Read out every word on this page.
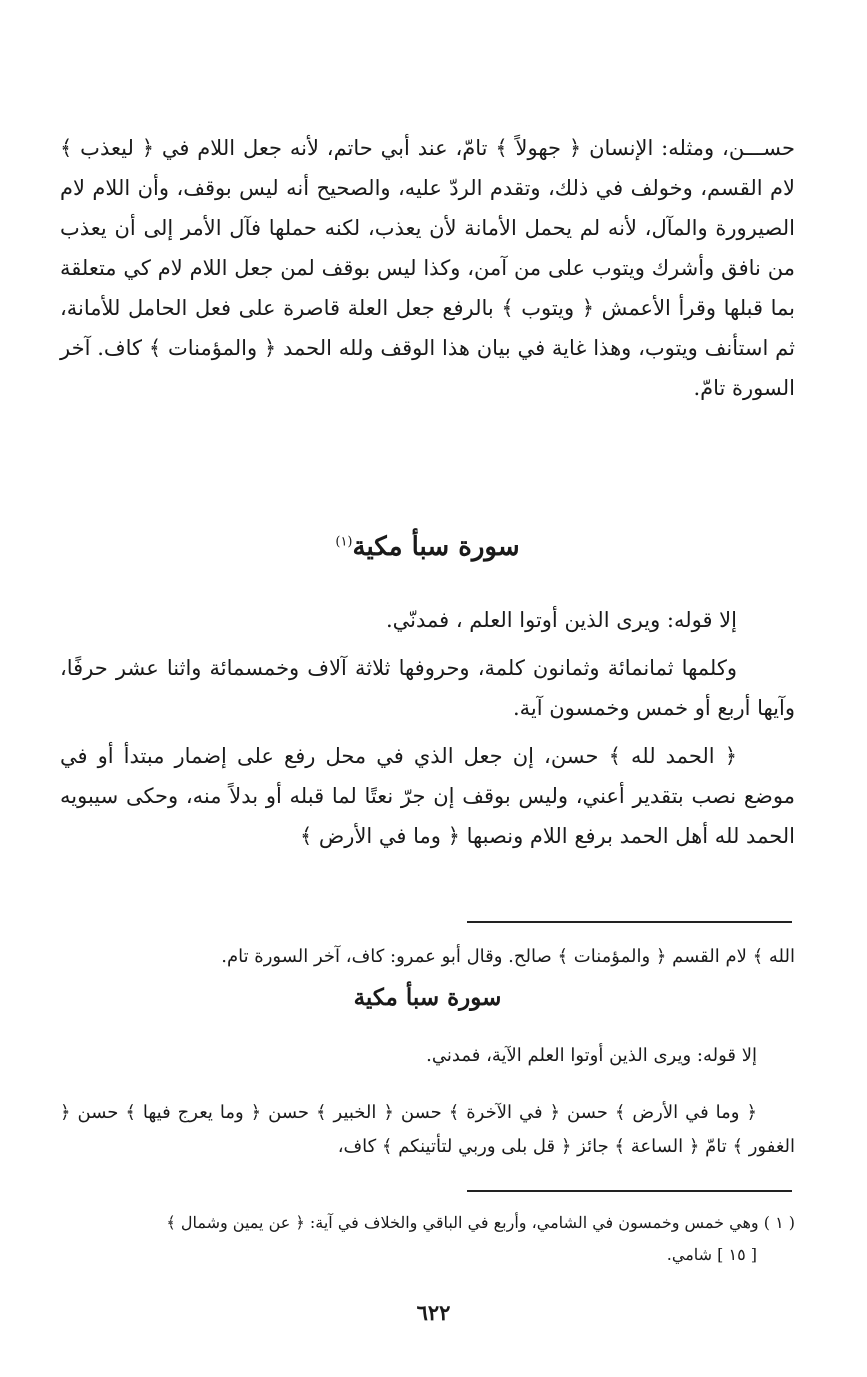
حســـن، ومثله: الإنسان ﴿ جهولاً ﴾ تامّ، عند أبي حاتم، لأنه جعل اللام في ﴿ ليعذب ﴾ لام القسم، وخولف في ذلك، وتقدم الردّ عليه، والصحيح أنه ليس بوقف، وأن اللام لام الصيرورة والمآل، لأنه لم يحمل الأمانة لأن يعذب، لكنه حملها فآل الأمر إلى أن يعذب من نافق وأشرك ويتوب على من آمن، وكذا ليس بوقف لمن جعل اللام لام كي متعلقة بما قبلها وقرأ الأعمش ﴿ ويتوب ﴾ بالرفع جعل العلة قاصرة على فعل الحامل للأمانة، ثم استأنف ويتوب، وهذا غاية في بيان هذا الوقف ولله الحمد ﴿ والمؤمنات ﴾ كاف. آخر السورة تامّ.

سورة سبأ مكية$^{(١)}$

إلا قوله: ويرى الذين أوتوا العلم ، فمدنّي.

وكلمها ثمانمائة وثمانون كلمة، وحروفها ثلاثة آلاف وخمسمائة واثنا عشر حرفًا، وآيها أربع أو خمس وخمسون آية.

﴿ الحمد لله ﴾ حسن، إن جعل الذي في محل رفع على إضمار مبتدأ أو في موضع نصب بتقدير أعني، وليس بوقف إن جرّ نعتًا لما قبله أو بدلاً منه، وحكى سيبويه الحمد لله أهل الحمد برفع اللام ونصبها ﴿ وما في الأرض ﴾

الله ﴾ لام القسم ﴿ والمؤمنات ﴾ صالح. وقال أبو عمرو: كاف، آخر السورة تام.

سورة سبأ مكية

إلا قوله: ويرى الذين أوتوا العلم الآية، فمدني.

﴿ وما في الأرض ﴾ حسن ﴿ في الآخرة ﴾ حسن ﴿ الخبير ﴾ حسن ﴿ وما يعرج فيها ﴾ حسن ﴿ الغفور ﴾ تامّ ﴿ الساعة ﴾ جائز ﴿ قل بلى وربي لتأتينكم ﴾ كاف،

( ١ ) وهي خمس وخمسون في الشامي، وأربع في الباقي والخلاف في آية: ﴿ عن يمين وشمال ﴾

[ ١٥ ] شامي.

٦٢٢
